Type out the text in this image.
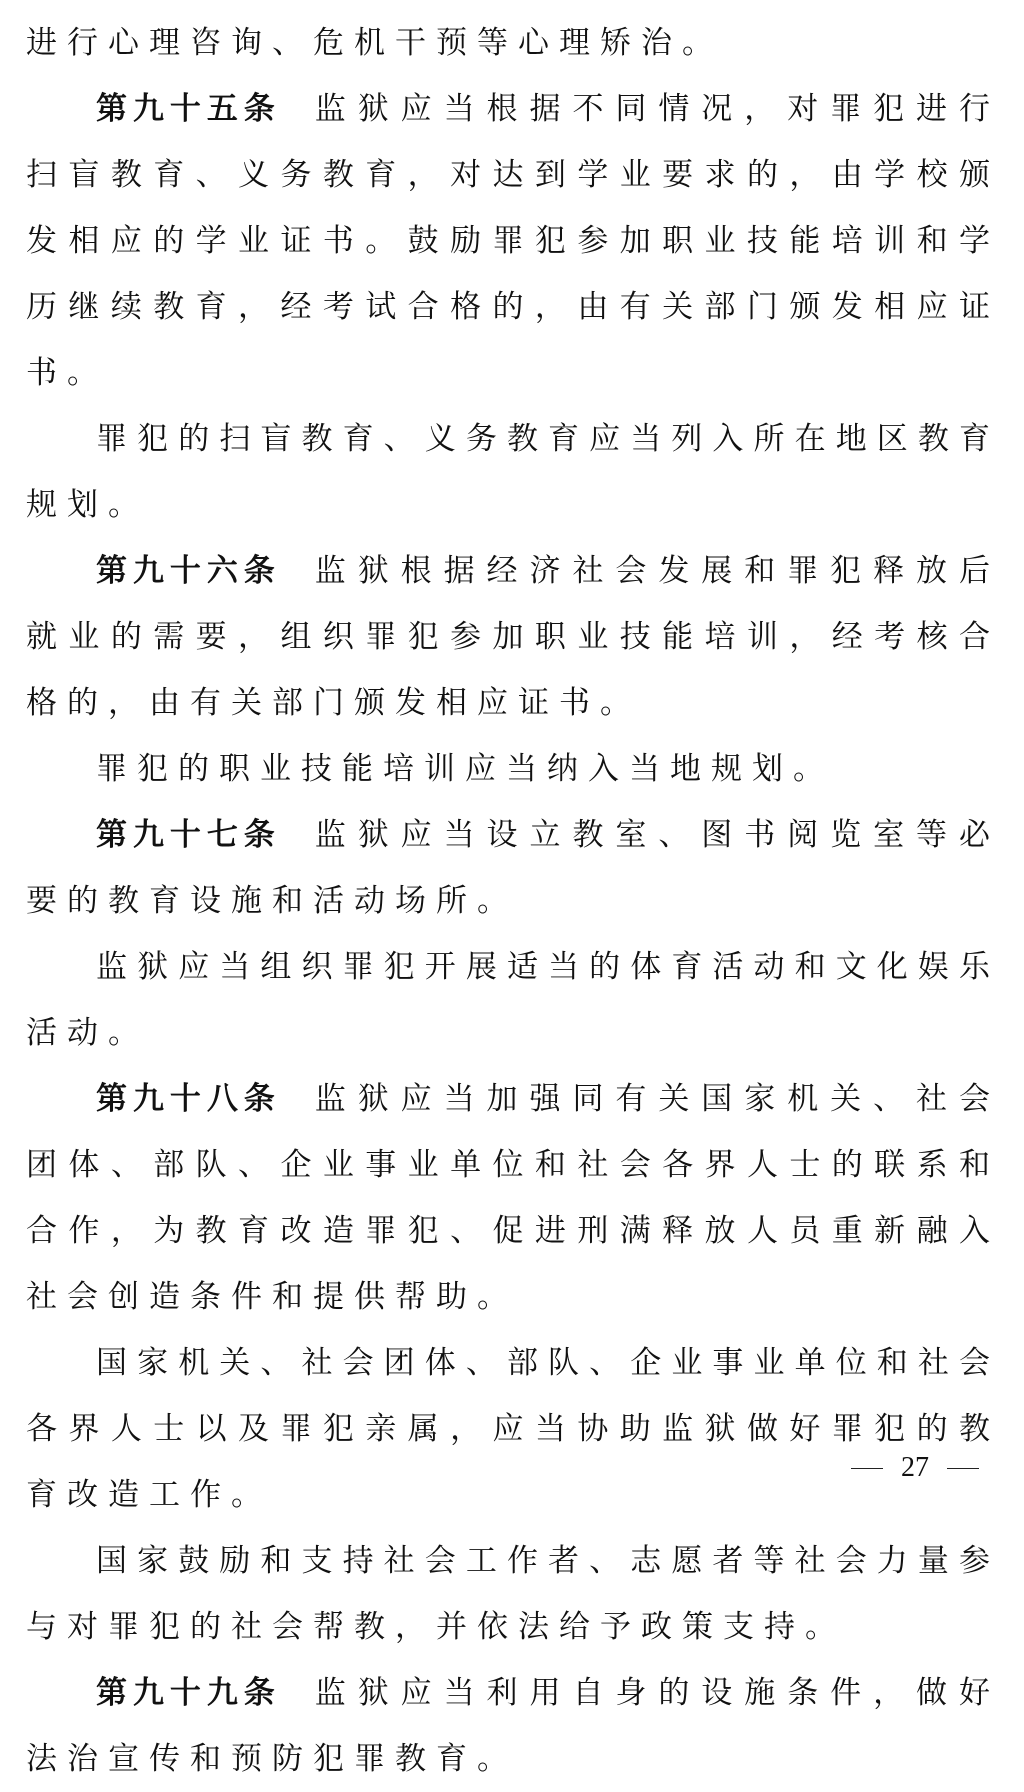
进行心理咨询、危机干预等心理矫治。

第九十五条 监狱应当根据不同情况，对罪犯进行扫盲教育、义务教育，对达到学业要求的，由学校颁发相应的学业证书。鼓励罪犯参加职业技能培训和学历继续教育，经考试合格的，由有关部门颁发相应证书。

罪犯的扫盲教育、义务教育应当列入所在地区教育规划。

第九十六条 监狱根据经济社会发展和罪犯释放后就业的需要，组织罪犯参加职业技能培训，经考核合格的，由有关部门颁发相应证书。

罪犯的职业技能培训应当纳入当地规划。

第九十七条 监狱应当设立教室、图书阅览室等必要的教育设施和活动场所。

监狱应当组织罪犯开展适当的体育活动和文化娱乐活动。

第九十八条 监狱应当加强同有关国家机关、社会团体、部队、企业事业单位和社会各界人士的联系和合作，为教育改造罪犯、促进刑满释放人员重新融入社会创造条件和提供帮助。

国家机关、社会团体、部队、企业事业单位和社会各界人士以及罪犯亲属，应当协助监狱做好罪犯的教育改造工作。

国家鼓励和支持社会工作者、志愿者等社会力量参与对罪犯的社会帮教，并依法给予政策支持。

第九十九条 监狱应当利用自身的设施条件，做好法治宣传和预防犯罪教育。

27
